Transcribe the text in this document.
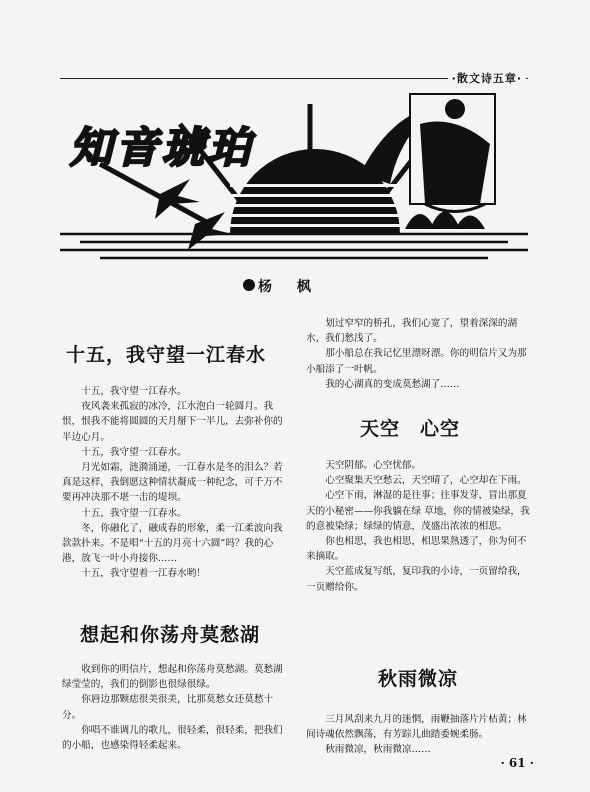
·散文诗五章·
知音琥珀
杨 枫
十五，我守望一江春水

十五，我守望一江春水。

夜风袭来孤寂的冰冷，江水泡白一轮圆月。我恨，恨我不能将圆圆的天月掰下一半儿，去弥补你的半边心月。

十五，我守望一江春水。

月光如霜，涟漪涌递，一江春水是冬的泪么？若真是这样，我倒愿这种情状凝成一种纪念，可千万不要再冲决那不堪一击的堤坝。

十五，我守望一江春水。

冬，你融化了，融成春的形象，柔一江柔波向我款款扑来。不是唱“十五的月亮十六圆”吗？我的心港，放飞一叶小舟接你……

十五，我守望着一江春水哟！

想起和你荡舟莫愁湖

收到你的明信片，想起和你荡舟莫愁湖。莫愁湖绿莹莹的，我们的倒影也很绿很绿。

你唇边那颗痣很美很美，比那莫愁女还莫愁十分。

你唱不谁调儿的歌儿，很轻柔，很轻柔，把我们的小船，也感染得轻柔起来。

划过窄窄的桥孔，我们心宽了，望着深深的湖水，我们愁浅了。

那小船总在我记忆里漂呀漂。你的明信片又为那小船添了一叶帆。

我的心湖真的变成莫愁湖了……

天空　心空

天空阴郁。心空忧郁。

心空聚集天空愁云，天空晴了，心空却在下雨。

心空下雨，淋湿的是往事；往事发芽，冒出那夏天的小秘密——你我躺在绿 草地，你的情被染绿，我的意被染绿；绿绿的情意，茂盛出浓浓的相思。

你也相思，我也相思，相思果熟透了，你为何不来摘取。

天空蓝成复写纸，复印我的小诗，一页留给我，一页赠给你。

秋雨微凉

三月风刮来九月的迷惘，雨鞭抽落片片枯黄；林间诗魂依然飘荡，有芳踪儿曲踏委婉柔肠。

秋雨微凉，秋雨微凉……

· 61 ·
